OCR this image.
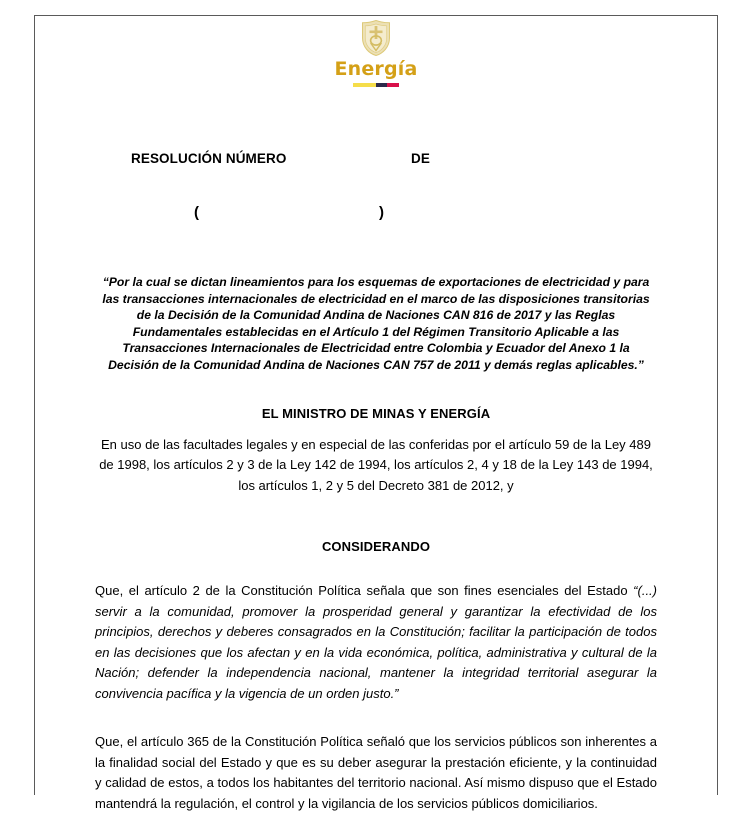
Energía
RESOLUCIÓN NÚMERO	DE
(	)
“Por la cual se dictan lineamientos para los esquemas de exportaciones de electricidad y para las transacciones internacionales de electricidad en el marco de las disposiciones transitorias de la Decisión de la Comunidad Andina de Naciones CAN 816 de 2017 y las Reglas Fundamentales establecidas en el Artículo 1 del Régimen Transitorio Aplicable a las Transacciones Internacionales de Electricidad entre Colombia y Ecuador del Anexo 1 la Decisión de la Comunidad Andina de Naciones CAN 757 de 2011 y demás reglas aplicables.”
EL MINISTRO DE MINAS Y ENERGÍA
En uso de las facultades legales y en especial de las conferidas por el artículo 59 de la Ley 489 de 1998, los artículos 2 y 3 de la Ley 142 de 1994, los artículos 2, 4 y 18 de la Ley 143 de 1994, los artículos 1, 2 y 5 del Decreto 381 de 2012, y
CONSIDERANDO
Que, el artículo 2 de la Constitución Política señala que son fines esenciales del Estado “(...) servir a la comunidad, promover la prosperidad general y garantizar la efectividad de los principios, derechos y deberes consagrados en la Constitución; facilitar la participación de todos en las decisiones que los afectan y en la vida económica, política, administrativa y cultural de la Nación; defender la independencia nacional, mantener la integridad territorial asegurar la convivencia pacífica y la vigencia de un orden justo.”
Que, el artículo 365 de la Constitución Política señaló que los servicios públicos son inherentes a la finalidad social del Estado y que es su deber asegurar la prestación eficiente, y la continuidad y calidad de estos, a todos los habitantes del territorio nacional. Así mismo dispuso que el Estado mantendrá la regulación, el control y la vigilancia de los servicios públicos domiciliarios.
